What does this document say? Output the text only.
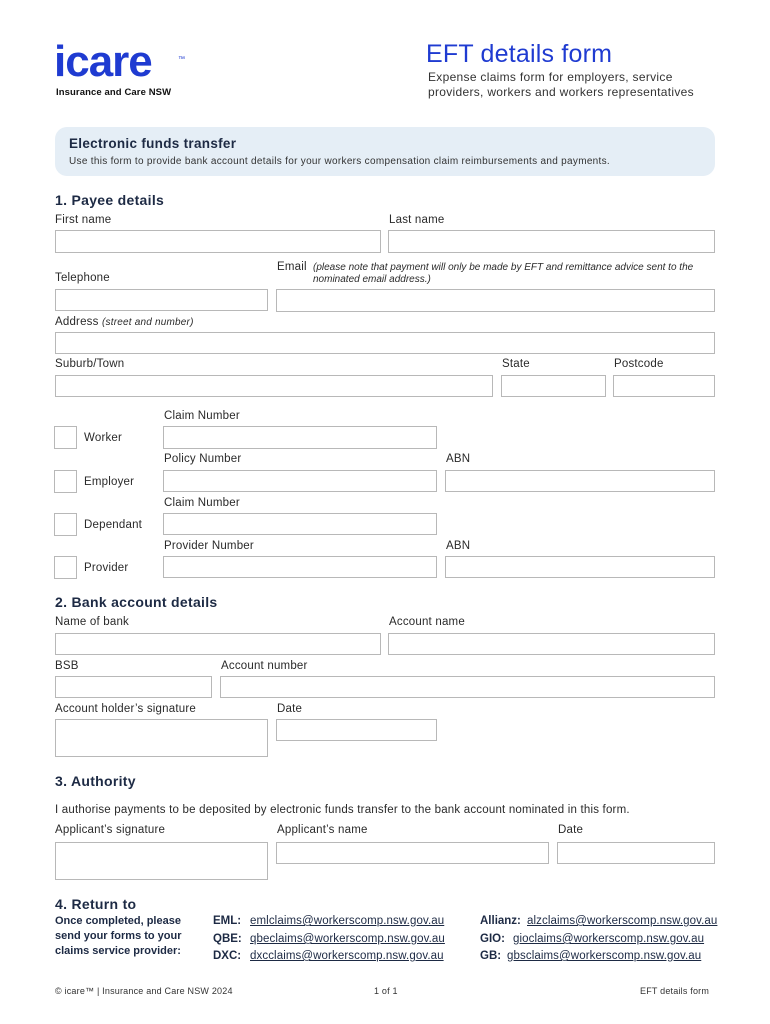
icare	™
Insurance and Care NSW
EFT details form
Expense claims form for employers, service providers, workers and workers representatives
Electronic funds transfer
Use this form to provide bank account details for your workers compensation claim reimbursements and payments.
1. Payee details
First name	Last name
Telephone
Email (please note that payment will only be made by EFT and remittance advice sent to the nominated email address.)
Address (street and number)
Suburb/Town	State	Postcode
Claim Number
Worker
Policy Number	ABN
Employer
Claim Number
Dependant
Provider Number	ABN
Provider
2. Bank account details
Name of bank	Account name
BSB	Account number
Account holder’s signature	Date
3. Authority
I authorise payments to be deposited by electronic funds transfer to the bank account nominated in this form.
Applicant’s signature	Applicant’s name	Date
4. Return to
Once completed, please send your forms to your claims service provider:
EML: emlclaims@workerscomp.nsw.gov.au
QBE: qbeclaims@workerscomp.nsw.gov.au
DXC: dxcclaims@workerscomp.nsw.gov.au
Allianz: alzclaims@workerscomp.nsw.gov.au
GIO: gioclaims@workerscomp.nsw.gov.au
GB: gbsclaims@workerscomp.nsw.gov.au
© icare™ | Insurance and Care NSW 2024	1 of 1	EFT details form
